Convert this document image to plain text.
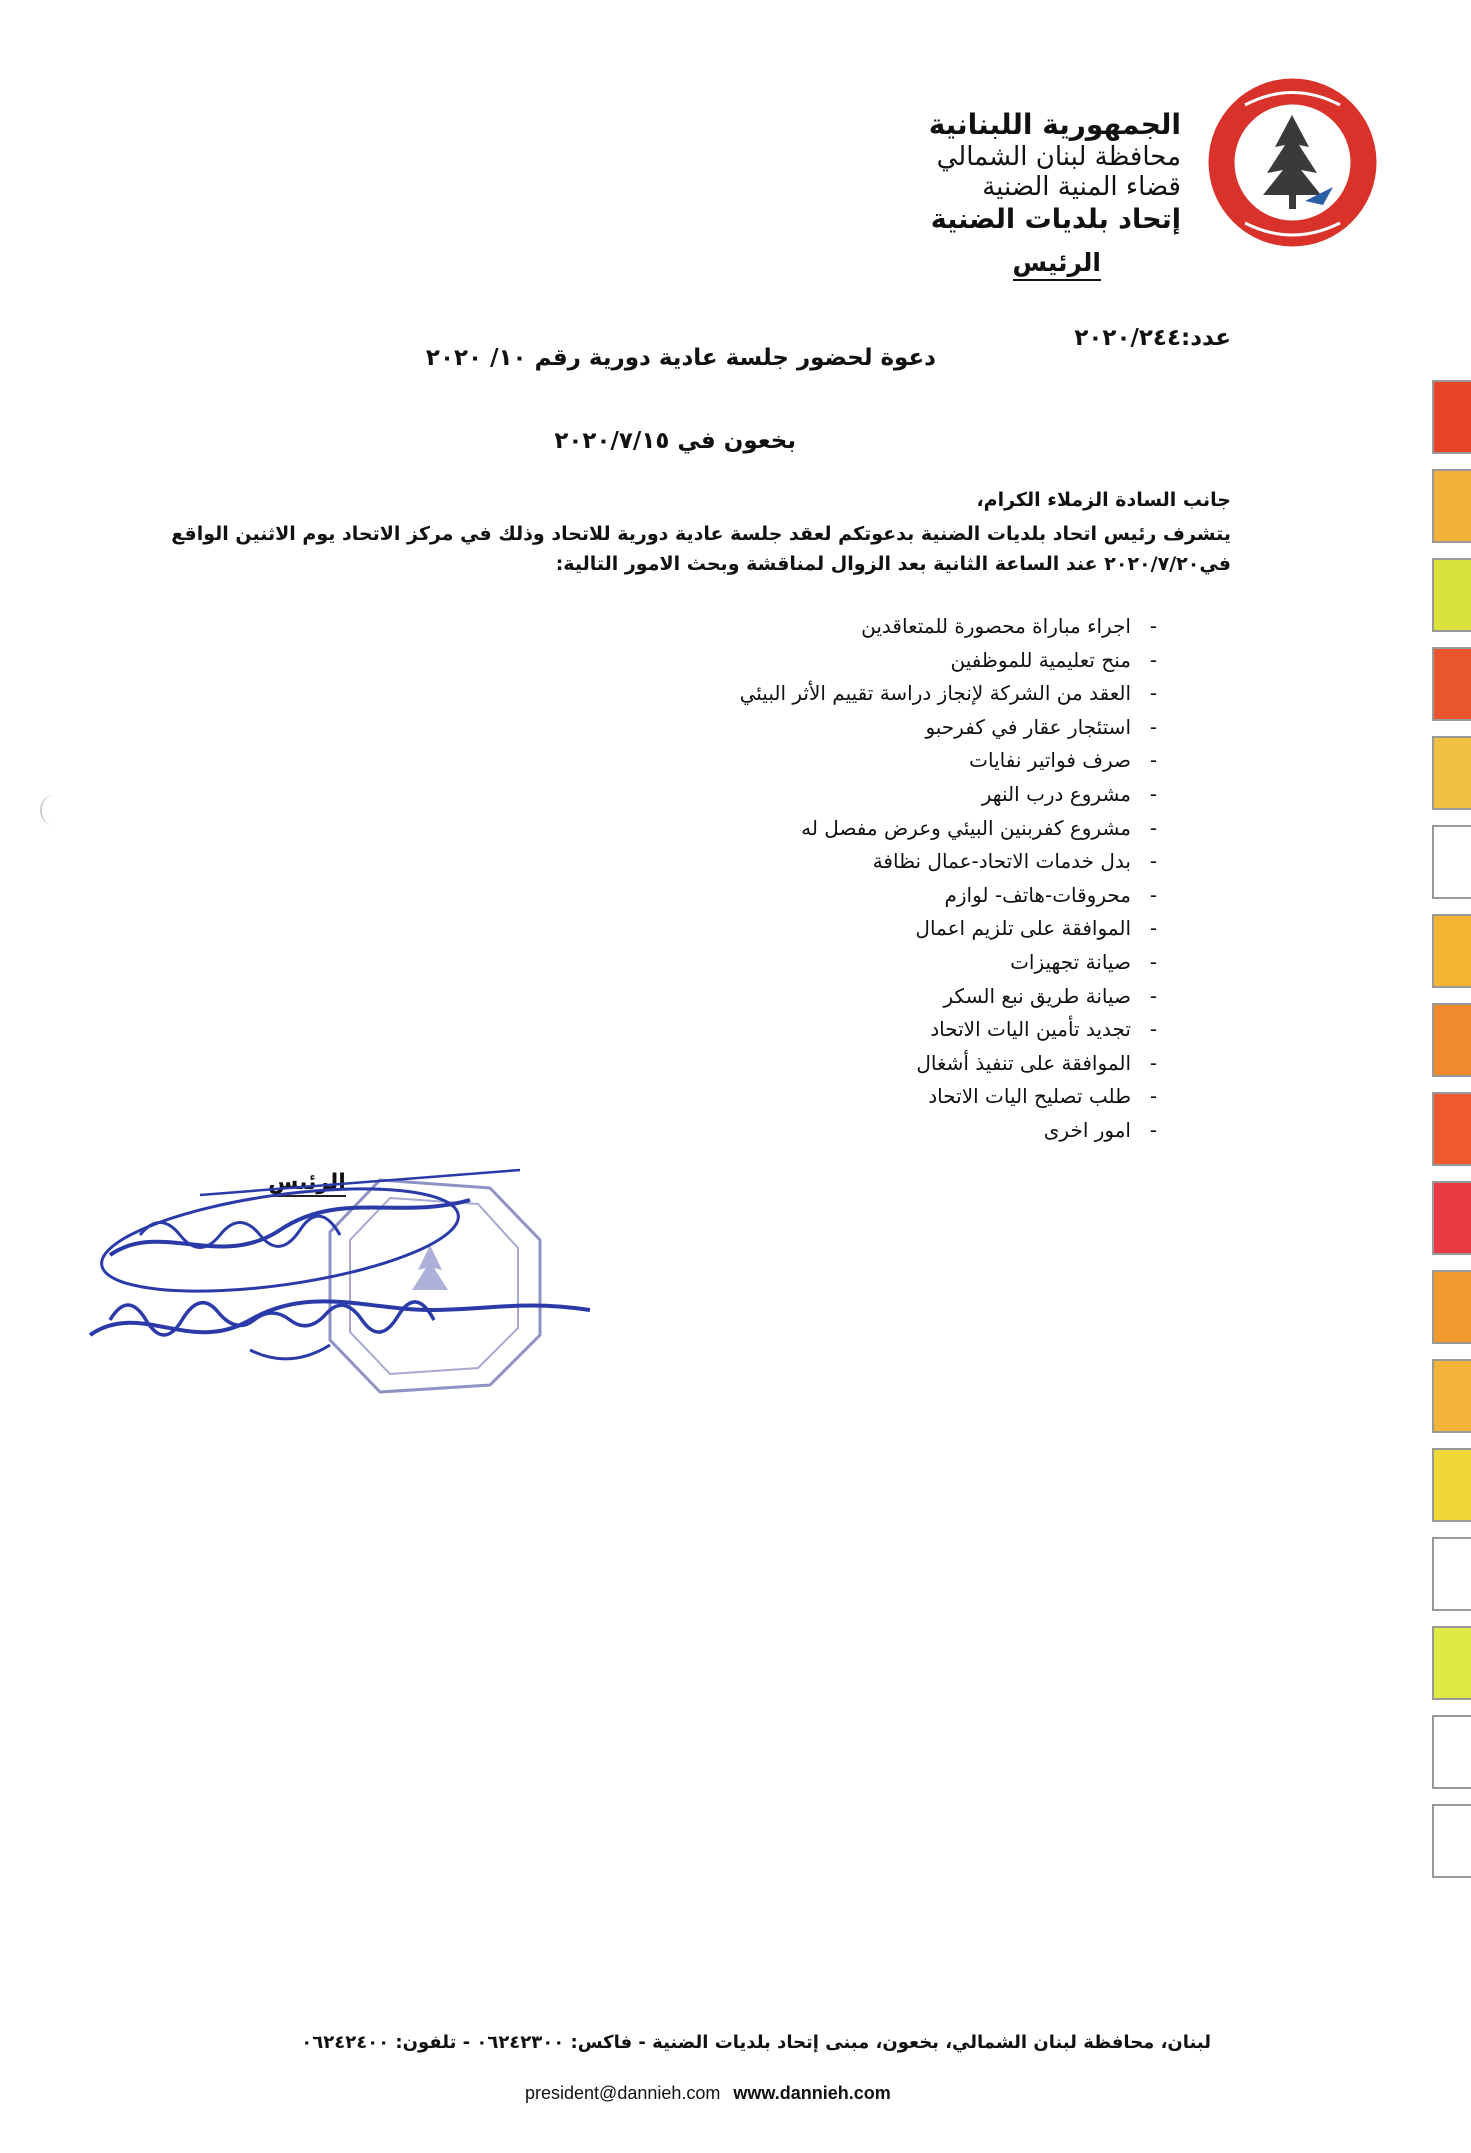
الجمهورية اللبنانية
محافظة لبنان الشمالي
قضاء المنية الضنية
إتحاد بلديات الضنية
الرئيس
عدد:٢٠٢٠/٢٤٤
دعوة لحضور جلسة عادية دورية رقم ١٠/ ٢٠٢٠
بخعون في ٢٠٢٠/٧/١٥
جانب السادة الزملاء الكرام،
يتشرف رئيس اتحاد بلديات الضنية بدعوتكم لعقد جلسة عادية دورية للاتحاد وذلك في مركز الاتحاد يوم الاثنين الواقع في٢٠٢٠/٧/٢٠ عند الساعة الثانية بعد الزوال لمناقشة وبحث الامور التالية:
-اجراء مباراة محصورة للمتعاقدين
-منح تعليمية للموظفين
-العقد من الشركة لإنجاز دراسة تقييم الأثر البيئي
-استئجار عقار في كفرحبو
-صرف فواتير نفايات
-مشروع درب النهر
-مشروع كفربنين البيئي وعرض مفصل له
-بدل خدمات الاتحاد-عمال نظافة
-محروقات-هاتف- لوازم
-الموافقة على تلزيم اعمال
-صيانة تجهيزات
-صيانة طريق نبع السكر
-تجديد تأمين اليات الاتحاد
-الموافقة على تنفيذ أشغال
-طلب تصليح اليات الاتحاد
-امور اخرى
الرئيس
لبنان، محافظة لبنان الشمالي، بخعون، مبنى إتحاد بلديات الضنية - فاكس: ٠٦٢٤٢٣٠٠ - تلفون: ٠٦٢٤٢٤٠٠
president@dannieh.com www.dannieh.com
